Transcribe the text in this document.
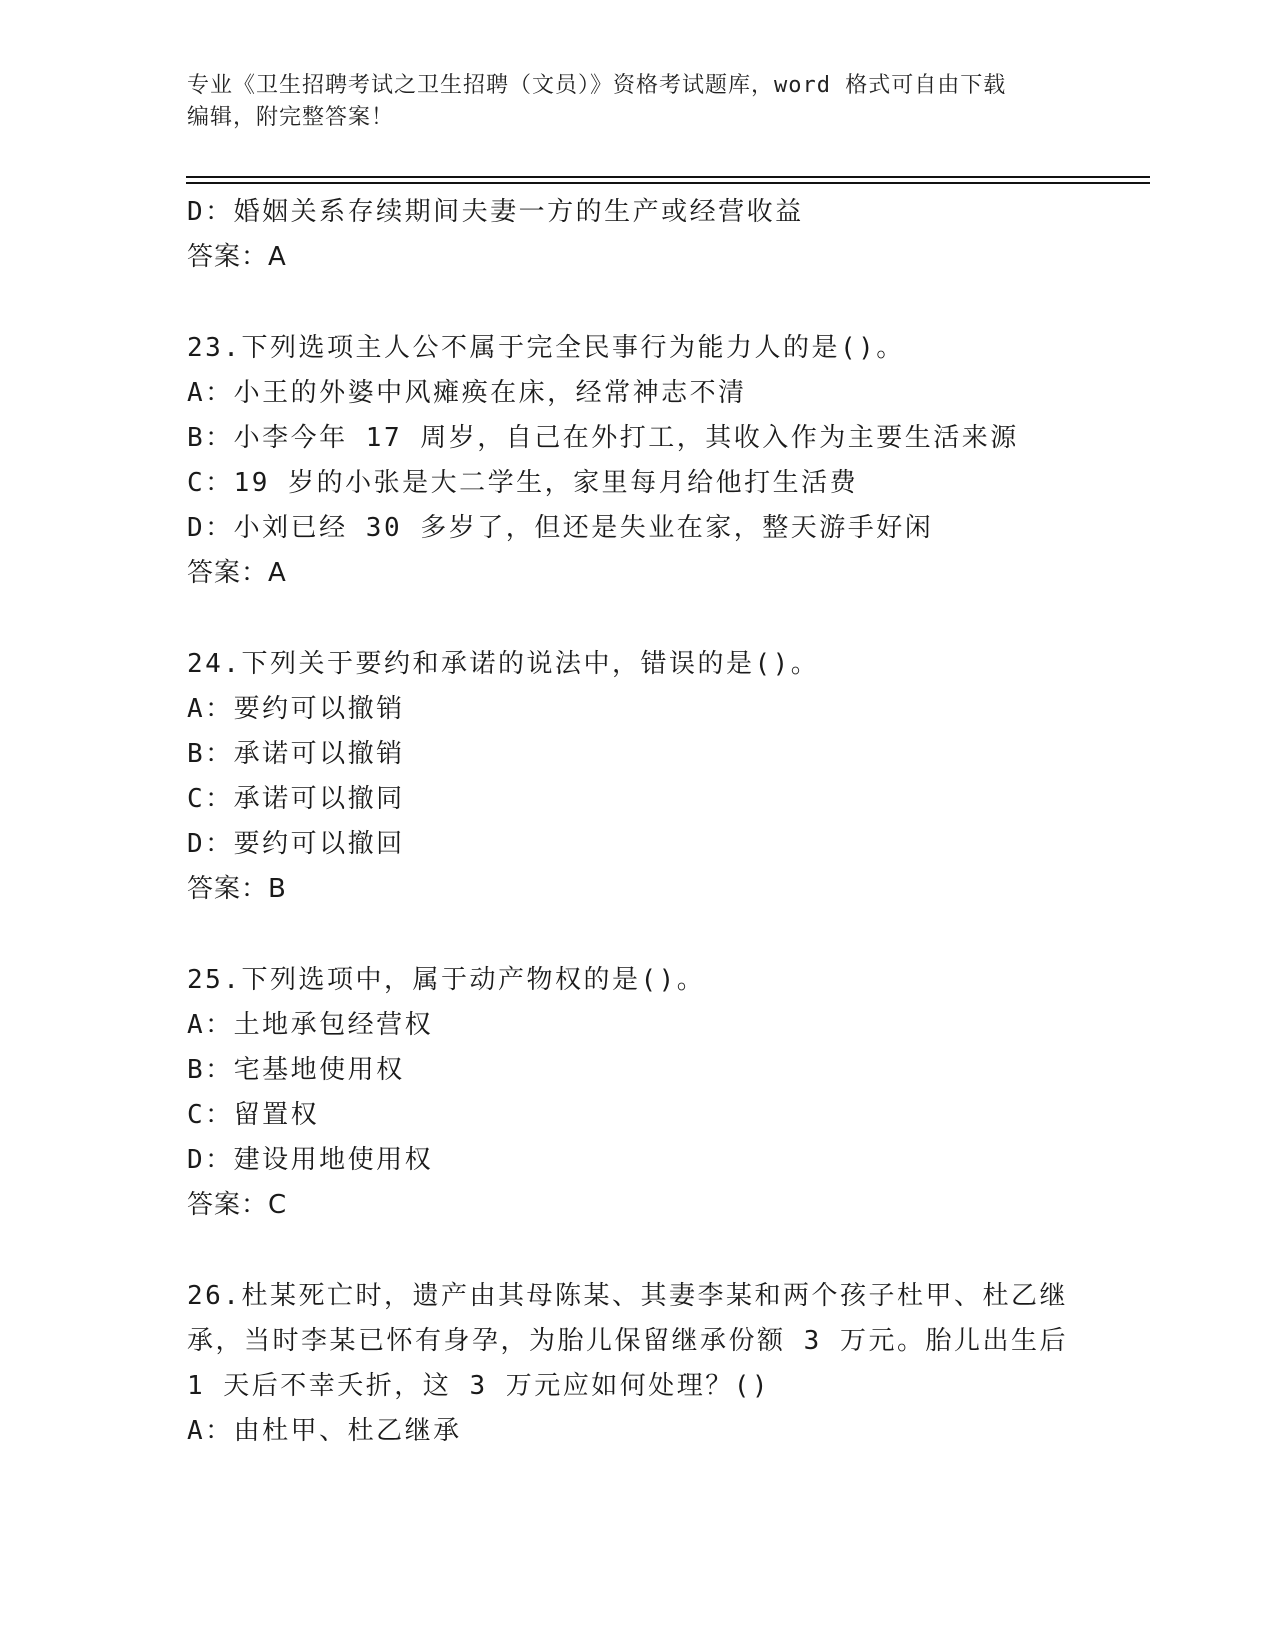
专业《卫生招聘考试之卫生招聘（文员）》资格考试题库，word 格式可自由下载
编辑，附完整答案！
D：婚姻关系存续期间夫妻一方的生产或经营收益
答案：A
23.下列选项主人公不属于完全民事行为能力人的是()。
A：小王的外婆中风瘫痪在床，经常神志不清
B：小李今年 17 周岁，自己在外打工，其收入作为主要生活来源
C：19 岁的小张是大二学生，家里每月给他打生活费
D：小刘已经 30 多岁了，但还是失业在家，整天游手好闲
答案：A
24.下列关于要约和承诺的说法中，错误的是()。
A：要约可以撤销
B：承诺可以撤销
C：承诺可以撤同
D：要约可以撤回
答案：B
25.下列选项中，属于动产物权的是()。
A：土地承包经营权
B：宅基地使用权
C：留置权
D：建设用地使用权
答案：C
26.杜某死亡时，遗产由其母陈某、其妻李某和两个孩子杜甲、杜乙继
承，当时李某已怀有身孕，为胎儿保留继承份额 3 万元。胎儿出生后
1 天后不幸夭折，这 3 万元应如何处理？()
A：由杜甲、杜乙继承
